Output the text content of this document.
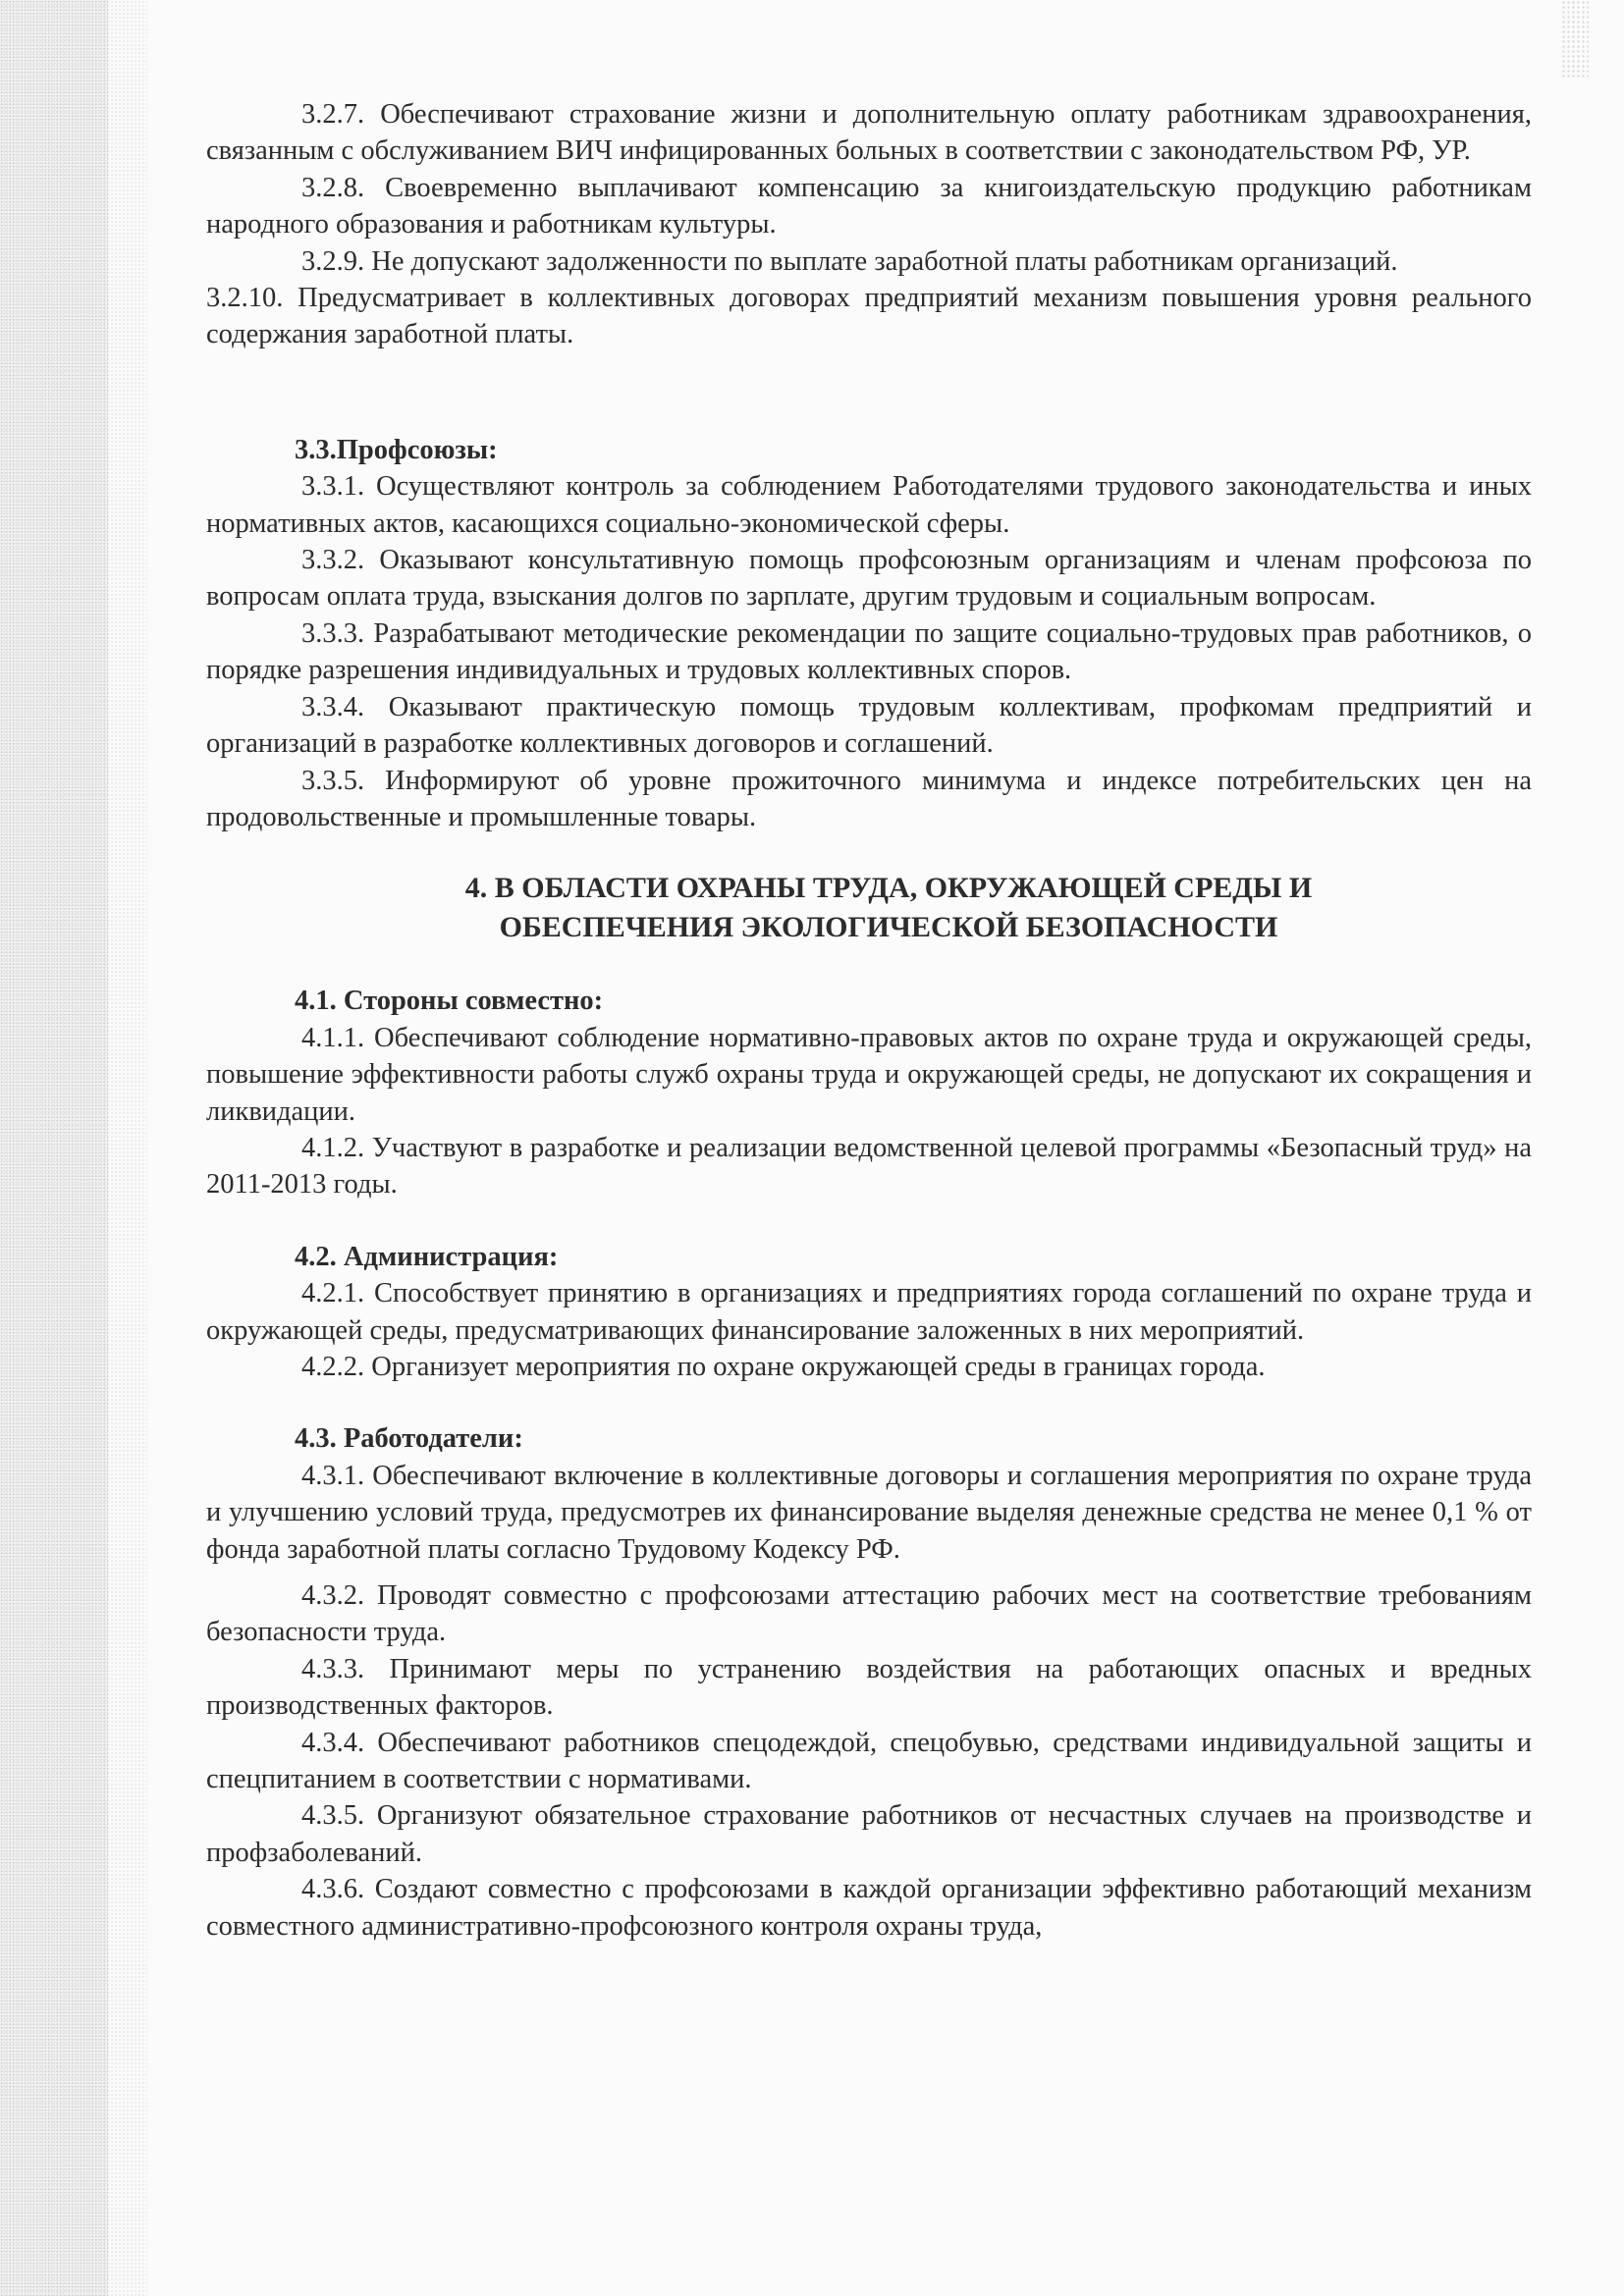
3.2.7. Обеспечивают страхование жизни и дополнительную оплату работникам здравоохранения, связанным с обслуживанием ВИЧ инфицированных больных в соответствии с законодательством РФ, УР.

3.2.8. Своевременно выплачивают компенсацию за книгоиздательскую продукцию работникам народного образования и работникам культуры.

3.2.9. Не допускают задолженности по выплате заработной платы работникам организаций.

3.2.10. Предусматривает в коллективных договорах предприятий механизм повышения уровня реального содержания заработной платы.

3.3.Профсоюзы:

3.3.1. Осуществляют контроль за соблюдением Работодателями трудового законодательства и иных нормативных актов, касающихся социально-экономической сферы.

3.3.2. Оказывают консультативную помощь профсоюзным организациям и членам профсоюза по вопросам оплата труда, взыскания долгов по зарплате, другим трудовым и социальным вопросам.

3.3.3. Разрабатывают методические рекомендации по защите социально-трудовых прав работников, о порядке разрешения индивидуальных и трудовых коллективных споров.

3.3.4. Оказывают практическую помощь трудовым коллективам, профкомам предприятий и организаций в разработке коллективных договоров и соглашений.

3.3.5. Информируют об уровне прожиточного минимума и индексе потребительских цен на продовольственные и промышленные товары.

4. В ОБЛАСТИ ОХРАНЫ ТРУДА, ОКРУЖАЮЩЕЙ СРЕДЫ И
ОБЕСПЕЧЕНИЯ ЭКОЛОГИЧЕСКОЙ БЕЗОПАСНОСТИ

4.1. Стороны совместно:

4.1.1. Обеспечивают соблюдение нормативно-правовых актов по охране труда и окружающей среды, повышение эффективности работы служб охраны труда и окружающей среды, не допускают их сокращения и ликвидации.

4.1.2. Участвуют в разработке и реализации ведомственной целевой программы «Безопасный труд» на 2011-2013 годы.

4.2. Администрация:

4.2.1. Способствует принятию в организациях и предприятиях города соглашений по охране труда и окружающей среды, предусматривающих финансирование заложенных в них мероприятий.

4.2.2. Организует мероприятия по охране окружающей среды в границах города.

4.3. Работодатели:

4.3.1. Обеспечивают включение в коллективные договоры и соглашения мероприятия по охране труда и улучшению условий труда, предусмотрев их финансирование выделяя денежные средства не менее 0,1 % от фонда заработной платы согласно Трудовому Кодексу РФ.

4.3.2. Проводят совместно с профсоюзами аттестацию рабочих мест на соответствие требованиям безопасности труда.

4.3.3. Принимают меры по устранению воздействия на работающих опасных и вредных производственных факторов.

4.3.4. Обеспечивают работников спецодеждой, спецобувью, средствами индивидуальной защиты и спецпитанием в соответствии с нормативами.

4.3.5. Организуют обязательное страхование работников от несчастных случаев на производстве и профзаболеваний.

4.3.6. Создают совместно с профсоюзами в каждой организации эффективно работающий механизм совместного административно-профсоюзного контроля охраны труда,
